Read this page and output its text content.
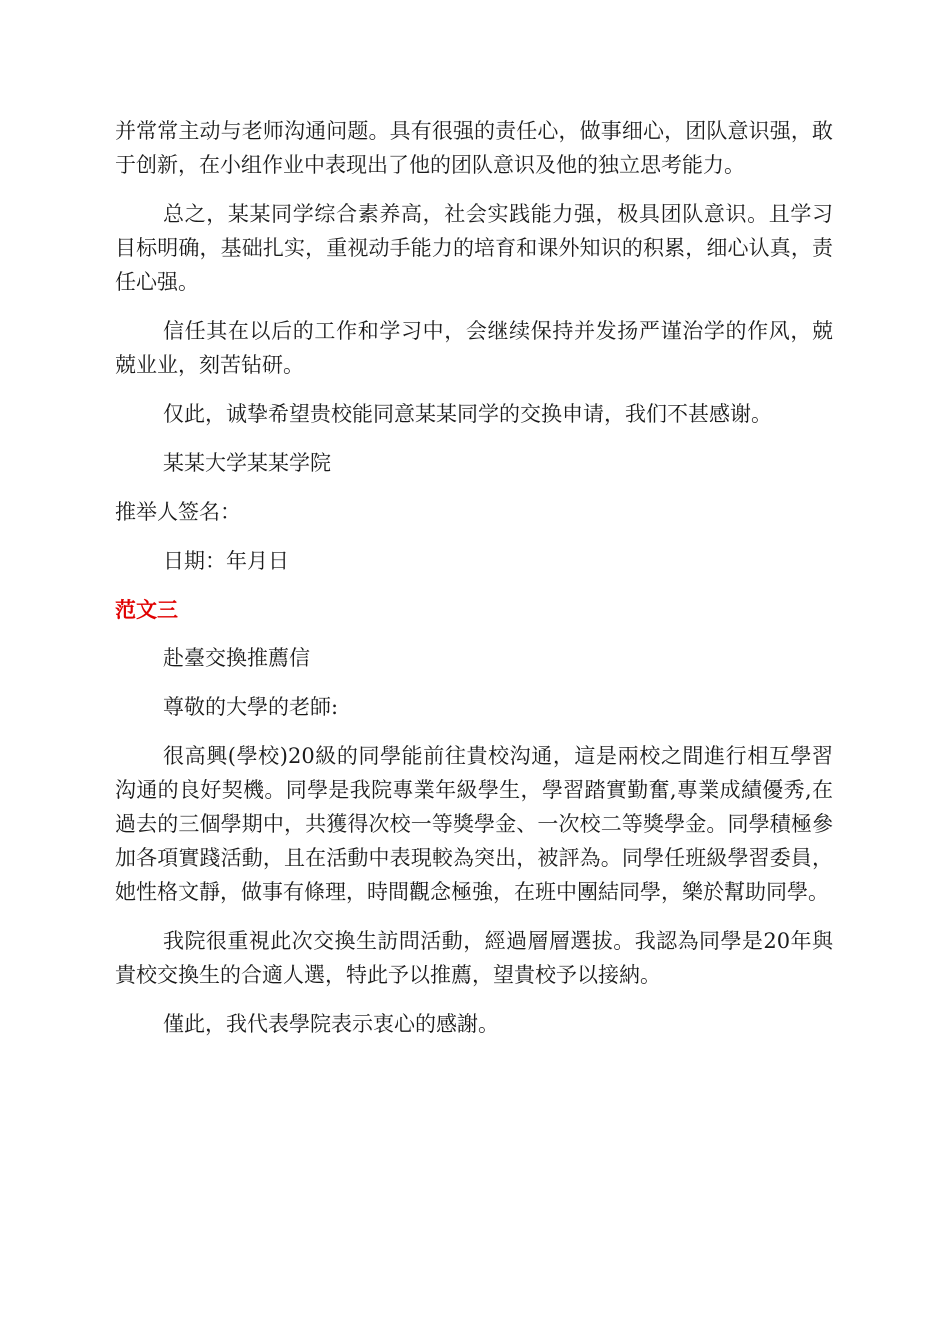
并常常主动与老师沟通问题。具有很强的责任心，做事细心，团队意识强，敢于创新，在小组作业中表现出了他的团队意识及他的独立思考能力。

总之，某某同学综合素养高，社会实践能力强，极具团队意识。且学习目标明确，基础扎实，重视动手能力的培育和课外知识的积累，细心认真，责任心强。

信任其在以后的工作和学习中，会继续保持并发扬严谨治学的作风，兢兢业业，刻苦钻研。

仅此，诚挚希望贵校能同意某某同学的交换申请，我们不甚感谢。

某某大学某某学院

推举人签名：

日期：年月日

范文三

赴臺交換推薦信

尊敬的大學的老師:

很高興(學校)20級的同學能前往貴校沟通，這是兩校之間進行相互學習沟通的良好契機。同學是我院專業年級學生，學習踏實勤奮,專業成績優秀,在過去的三個學期中，共獲得次校一等獎學金、一次校二等獎學金。同學積極參加各項實踐活動，且在活動中表現較為突出，被評為。同學任班級學習委員，她性格文靜，做事有條理，時間觀念極強，在班中團結同學，樂於幫助同學。

我院很重視此次交換生訪問活動，經過層層選拔。我認為同學是20年與貴校交換生的合適人選，特此予以推薦，望貴校予以接納。

僅此，我代表學院表示衷心的感謝。
